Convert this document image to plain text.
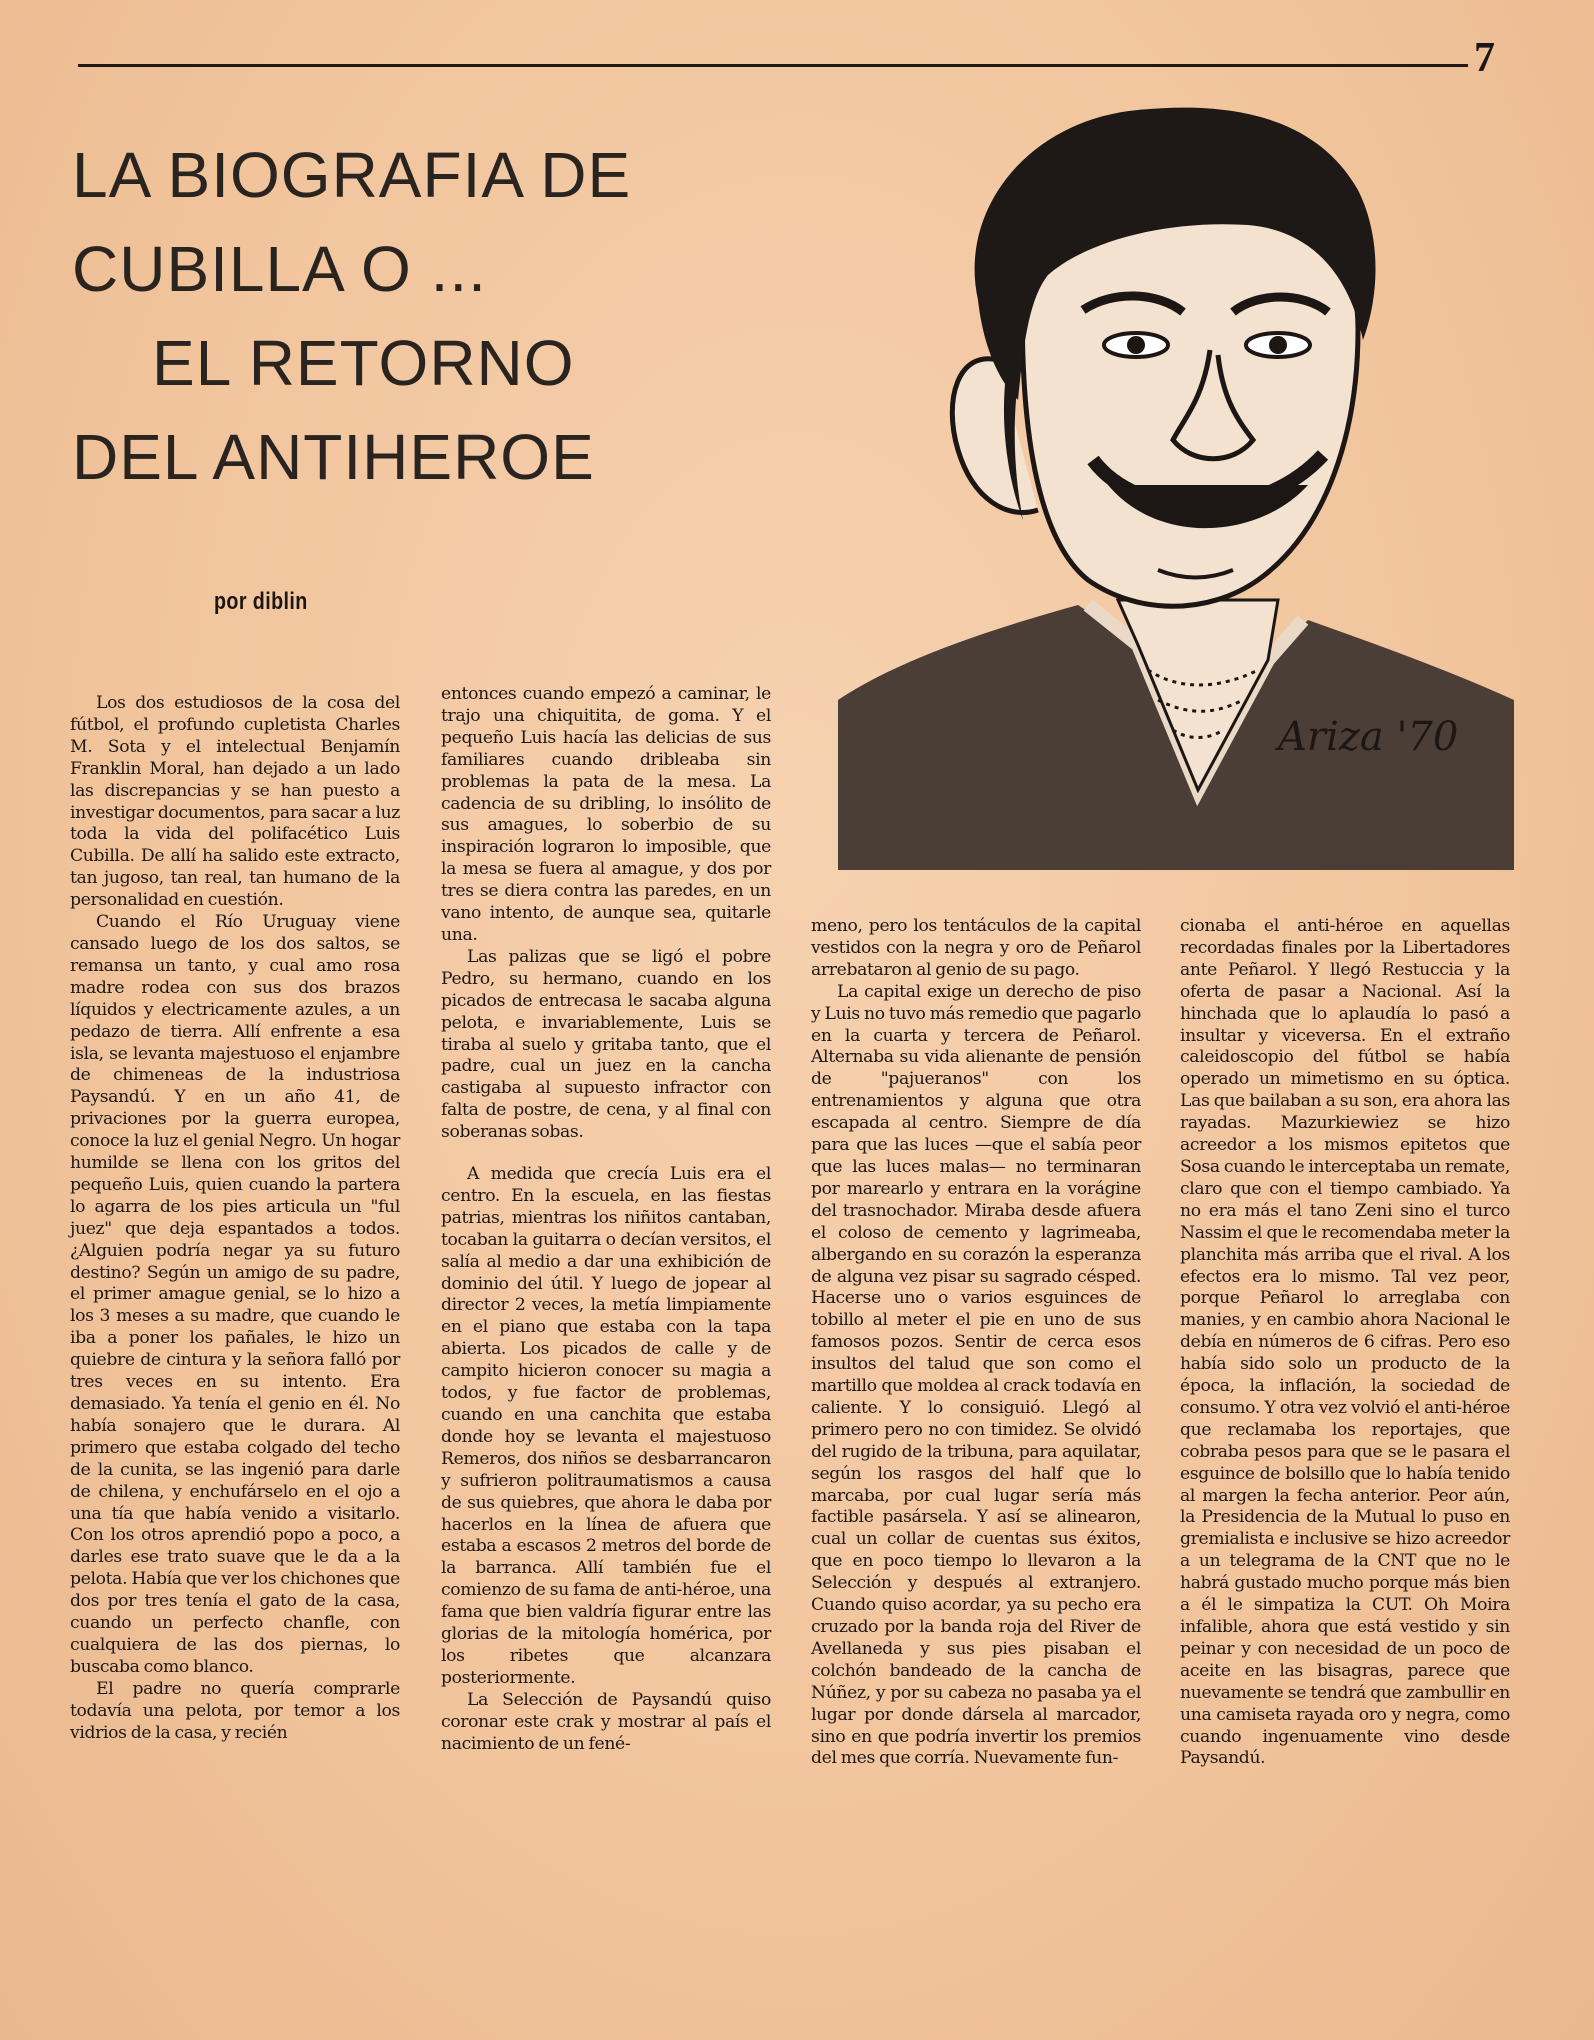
7
LA BIOGRAFIA DE
CUBILLA O ...
EL RETORNO
DEL ANTIHEROE
por diblin
Ariza '70

Los dos estudiosos de la cosa del fútbol, el profundo cupletista Charles M. Sota y el intelectual Benjamín Franklin Moral, han dejado a un lado las discrepancias y se han puesto a investigar documentos, para sacar a luz toda la vida del polifacético Luis Cubilla. De allí ha salido este extracto, tan jugoso, tan real, tan humano de la personalidad en cuestión.

Cuando el Río Uruguay viene cansado luego de los dos saltos, se remansa un tanto, y cual amo rosa madre rodea con sus dos brazos líquidos y electricamente azules, a un pedazo de tierra. Allí enfrente a esa isla, se levanta majestuoso el enjambre de chimeneas de la industriosa Paysandú. Y en un año 41, de privaciones por la guerra europea, conoce la luz el genial Negro. Un hogar humilde se llena con los gritos del pequeño Luis, quien cuando la partera lo agarra de los pies articula un "ful juez" que deja espantados a todos. ¿Alguien podría negar ya su futuro destino? Según un amigo de su padre, el primer amague genial, se lo hizo a los 3 meses a su madre, que cuando le iba a poner los pañales, le hizo un quiebre de cintura y la señora falló por tres veces en su intento. Era demasiado. Ya tenía el genio en él. No había sonajero que le durara. Al primero que estaba colgado del techo de la cunita, se las ingenió para darle de chilena, y enchufárselo en el ojo a una tía que había venido a visitarlo. Con los otros aprendió popo a poco, a darles ese trato suave que le da a la pelota. Había que ver los chichones que dos por tres tenía el gato de la casa, cuando un perfecto chanfle, con cualquiera de las dos piernas, lo buscaba como blanco.

El padre no quería comprarle todavía una pelota, por temor a los vidrios de la casa, y recién

entonces cuando empezó a caminar, le trajo una chiquitita, de goma. Y el pequeño Luis hacía las delicias de sus familiares cuando dribleaba sin problemas la pata de la mesa. La cadencia de su dribling, lo insólito de sus amagues, lo soberbio de su inspiración lograron lo imposible, que la mesa se fuera al amague, y dos por tres se diera contra las paredes, en un vano intento, de aunque sea, quitarle una.

Las palizas que se ligó el pobre Pedro, su hermano, cuando en los picados de entrecasa le sacaba alguna pelota, e invariablemente, Luis se tiraba al suelo y gritaba tanto, que el padre, cual un juez en la cancha castigaba al supuesto infractor con falta de postre, de cena, y al final con soberanas sobas.

A medida que crecía Luis era el centro. En la escuela, en las fiestas patrias, mientras los niñitos cantaban, tocaban la guitarra o decían versitos, el salía al medio a dar una exhibición de dominio del útil. Y luego de jopear al director 2 veces, la metía limpiamente en el piano que estaba con la tapa abierta. Los picados de calle y de campito hicieron conocer su magia a todos, y fue factor de problemas, cuando en una canchita que estaba donde hoy se levanta el majestuoso Remeros, dos niños se desbarrancaron y sufrieron politraumatismos a causa de sus quiebres, que ahora le daba por hacerlos en la línea de afuera que estaba a escasos 2 metros del borde de la barranca. Allí también fue el comienzo de su fama de anti-héroe, una fama que bien valdría figurar entre las glorias de la mitología homérica, por los ribetes que alcanzara posteriormente.

La Selección de Paysandú quiso coronar este crak y mostrar al país el nacimiento de un fené-

meno, pero los tentáculos de la capital vestidos con la negra y oro de Peñarol arrebataron al genio de su pago.

La capital exige un derecho de piso y Luis no tuvo más remedio que pagarlo en la cuarta y tercera de Peñarol. Alternaba su vida alienante de pensión de "pajueranos" con los entrenamientos y alguna que otra escapada al centro. Siempre de día para que las luces —que el sabía peor que las luces malas— no terminaran por marearlo y entrara en la vorágine del trasnochador. Miraba desde afuera el coloso de cemento y lagrimeaba, albergando en su corazón la esperanza de alguna vez pisar su sagrado césped. Hacerse uno o varios esguinces de tobillo al meter el pie en uno de sus famosos pozos. Sentir de cerca esos insultos del talud que son como el martillo que moldea al crack todavía en caliente. Y lo consiguió. Llegó al primero pero no con timidez. Se olvidó del rugido de la tribuna, para aquilatar, según los rasgos del half que lo marcaba, por cual lugar sería más factible pasársela. Y así se alinearon, cual un collar de cuentas sus éxitos, que en poco tiempo lo llevaron a la Selección y después al extranjero. Cuando quiso acordar, ya su pecho era cruzado por la banda roja del River de Avellaneda y sus pies pisaban el colchón bandeado de la cancha de Núñez, y por su cabeza no pasaba ya el lugar por donde dársela al marcador, sino en que podría invertir los premios del mes que corría. Nuevamente fun-

cionaba el anti-héroe en aquellas recordadas finales por la Libertadores ante Peñarol. Y llegó Restuccia y la oferta de pasar a Nacional. Así la hinchada que lo aplaudía lo pasó a insultar y viceversa. En el extraño caleidoscopio del fútbol se había operado un mimetismo en su óptica. Las que bailaban a su son, era ahora las rayadas. Mazurkiewiez se hizo acreedor a los mismos epitetos que Sosa cuando le interceptaba un remate, claro que con el tiempo cambiado. Ya no era más el tano Zeni sino el turco Nassim el que le recomendaba meter la planchita más arriba que el rival. A los efectos era lo mismo. Tal vez peor, porque Peñarol lo arreglaba con manies, y en cambio ahora Nacional le debía en números de 6 cifras. Pero eso había sido solo un producto de la época, la inflación, la sociedad de consumo. Y otra vez volvió el anti-héroe que reclamaba los reportajes, que cobraba pesos para que se le pasara el esguince de bolsillo que lo había tenido al margen la fecha anterior. Peor aún, la Presidencia de la Mutual lo puso en gremialista e inclusive se hizo acreedor a un telegrama de la CNT que no le habrá gustado mucho porque más bien a él le simpatiza la CUT. Oh Moira infalible, ahora que está vestido y sin peinar y con necesidad de un poco de aceite en las bisagras, parece que nuevamente se tendrá que zambullir en una camiseta rayada oro y negra, como cuando ingenuamente vino desde Paysandú.
